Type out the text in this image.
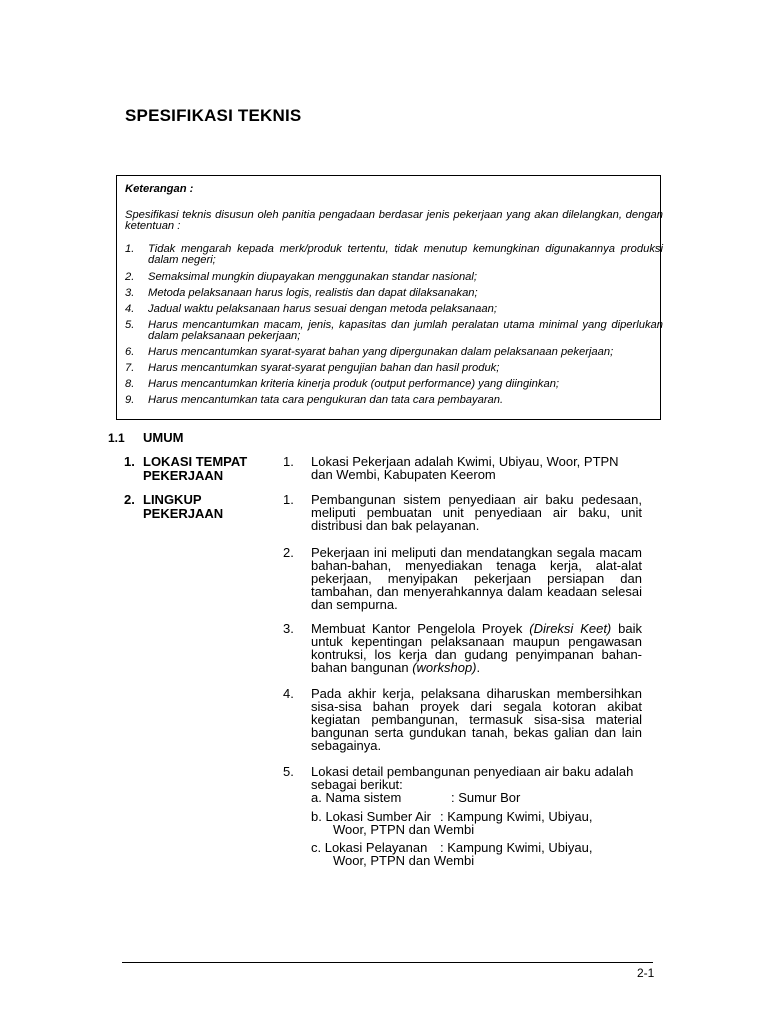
SPESIFIKASI TEKNIS
Keterangan :
Spesifikasi teknis disusun oleh panitia pengadaan berdasar jenis pekerjaan yang akan dilelangkan, dengan ketentuan :
1. Tidak mengarah kepada merk/produk tertentu, tidak menutup kemungkinan digunakannya produksi dalam negeri;
2. Semaksimal mungkin diupayakan menggunakan standar nasional;
3. Metoda pelaksanaan harus logis, realistis dan dapat dilaksanakan;
4. Jadual waktu pelaksanaan harus sesuai dengan metoda pelaksanaan;
5. Harus mencantumkan macam, jenis, kapasitas dan jumlah peralatan utama minimal yang diperlukan dalam pelaksanaan pekerjaan;
6. Harus mencantumkan syarat-syarat bahan yang dipergunakan dalam pelaksanaan pekerjaan;
7. Harus mencantumkan syarat-syarat pengujian bahan dan hasil produk;
8. Harus mencantumkan kriteria kinerja produk (output performance) yang diinginkan;
9. Harus mencantumkan tata cara pengukuran dan tata cara pembayaran.
1.1 UMUM
1. LOKASI TEMPAT PEKERJAAN
2. LINGKUP PEKERJAAN
1. Lokasi Pekerjaan adalah Kwimi, Ubiyau, Woor, PTPN dan Wembi, Kabupaten Keerom
1. Pembangunan sistem penyediaan air baku pedesaan, meliputi pembuatan unit penyediaan air baku, unit distribusi dan bak pelayanan.
2. Pekerjaan ini meliputi dan mendatangkan segala macam bahan-bahan, menyediakan tenaga kerja, alat-alat pekerjaan, menyipakan pekerjaan persiapan dan tambahan, dan menyerahkannya dalam keadaan selesai dan sempurna.
3. Membuat Kantor Pengelola Proyek (Direksi Keet) baik untuk kepentingan pelaksanaan maupun pengawasan kontruksi, los kerja dan gudang penyimpanan bahan-bahan bangunan (workshop).
4. Pada akhir kerja, pelaksana diharuskan membersihkan sisa-sisa bahan proyek dari segala kotoran akibat kegiatan pembangunan, termasuk sisa-sisa material bangunan serta gundukan tanah, bekas galian dan lain sebagainya.
5. Lokasi detail pembangunan penyediaan air baku adalah sebagai berikut:
a. Nama sistem	: Sumur Bor
b. Lokasi Sumber Air : Kampung Kwimi, Ubiyau,
Woor, PTPN dan Wembi
c. Lokasi Pelayanan : Kampung Kwimi, Ubiyau,
Woor, PTPN dan Wembi
2-1
